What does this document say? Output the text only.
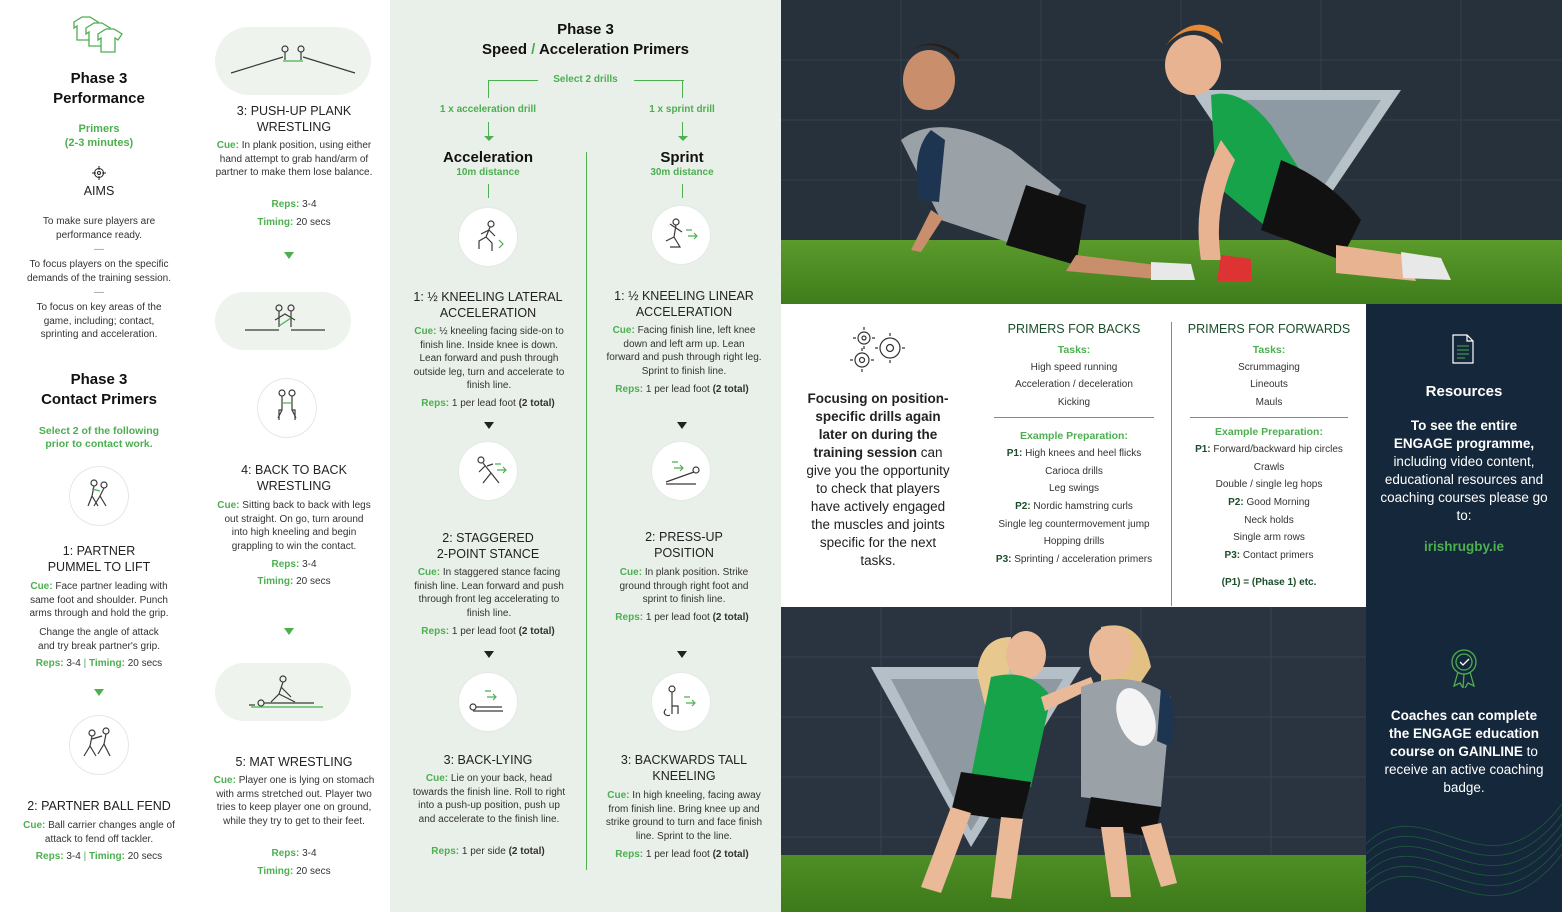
Phase 3
Performance
Primers
(2-3 minutes)
AIMS
To make sure players are performance ready.
—
To focus players on the specific demands of the training session.
—
To focus on key areas of the game, including; contact, sprinting and acceleration.
Phase 3
Contact Primers
Select 2 of the following
prior to contact work.
1: PARTNER
PUMMEL TO LIFT
Cue: Face partner leading with same foot and shoulder. Punch arms through and hold the grip.
Change the angle of attack and try break partner's grip.
Reps: 3-4 | Timing: 20 secs
2: PARTNER BALL FEND
Cue: Ball carrier changes angle of attack to fend off tackler.
Reps: 3-4 | Timing: 20 secs
3: PUSH-UP PLANK
WRESTLING
Cue: In plank position, using either hand attempt to grab hand/arm of partner to make them lose balance.
Reps: 3-4
Timing: 20 secs
4: BACK TO BACK
WRESTLING
Cue: Sitting back to back with legs out straight. On go, turn around into high kneeling and begin grappling to win the contact.
Reps: 3-4
Timing: 20 secs
5: MAT WRESTLING
Cue: Player one is lying on stomach with arms stretched out. Player two tries to keep player one on ground, while they try to get to their feet.
Reps: 3-4
Timing: 20 secs
Phase 3
Speed / Acceleration Primers
Select 2 drills
1 x acceleration drill	1 x sprint drill
Acceleration
10m distance
Sprint
30m distance
1: ½ KNEELING LATERAL
ACCELERATION
Cue: ½ kneeling facing side-on to finish line. Inside knee is down. Lean forward and push through outside leg, turn and accelerate to finish line.
Reps: 1 per lead foot (2 total)
2: STAGGERED
2-POINT STANCE
Cue: In staggered stance facing finish line. Lean forward and push through front leg accelerating to finish line.
Reps: 1 per lead foot (2 total)
3: BACK-LYING
Cue: Lie on your back, head towards the finish line. Roll to right into a push-up position, push up and accelerate to the finish line.
Reps: 1 per side (2 total)
1: ½ KNEELING LINEAR
ACCELERATION
Cue: Facing finish line, left knee down and left arm up. Lean forward and push through right leg. Sprint to finish line.
Reps: 1 per lead foot (2 total)
2: PRESS-UP
POSITION
Cue: In plank position. Strike ground through right foot and sprint to finish line.
Reps: 1 per lead foot (2 total)
3: BACKWARDS TALL
KNEELING
Cue: In high kneeling, facing away from finish line. Bring knee up and strike ground to turn and face finish line. Sprint to the line.
Reps: 1 per lead foot (2 total)
Focusing on position-specific drills again later on during the training session can give you the opportunity to check that players have actively engaged the muscles and joints specific for the next tasks.
PRIMERS FOR BACKS
Tasks:
High speed running
Acceleration / deceleration
Kicking
Example Preparation:
P1: High knees and heel flicks
Carioca drills
Leg swings
P2: Nordic hamstring curls
Single leg countermovement jump
Hopping drills
P3: Sprinting / acceleration primers
PRIMERS FOR FORWARDS
Tasks:
Scrummaging
Lineouts
Mauls
Example Preparation:
P1: Forward/backward hip circles
Crawls
Double / single leg hops
P2: Good Morning
Neck holds
Single arm rows
P3: Contact primers
(P1) = (Phase 1) etc.
Resources
To see the entire ENGAGE programme, including video content, educational resources and coaching courses please go to:
irishrugby.ie
Coaches can complete the ENGAGE education course on GAINLINE to receive an active coaching badge.
